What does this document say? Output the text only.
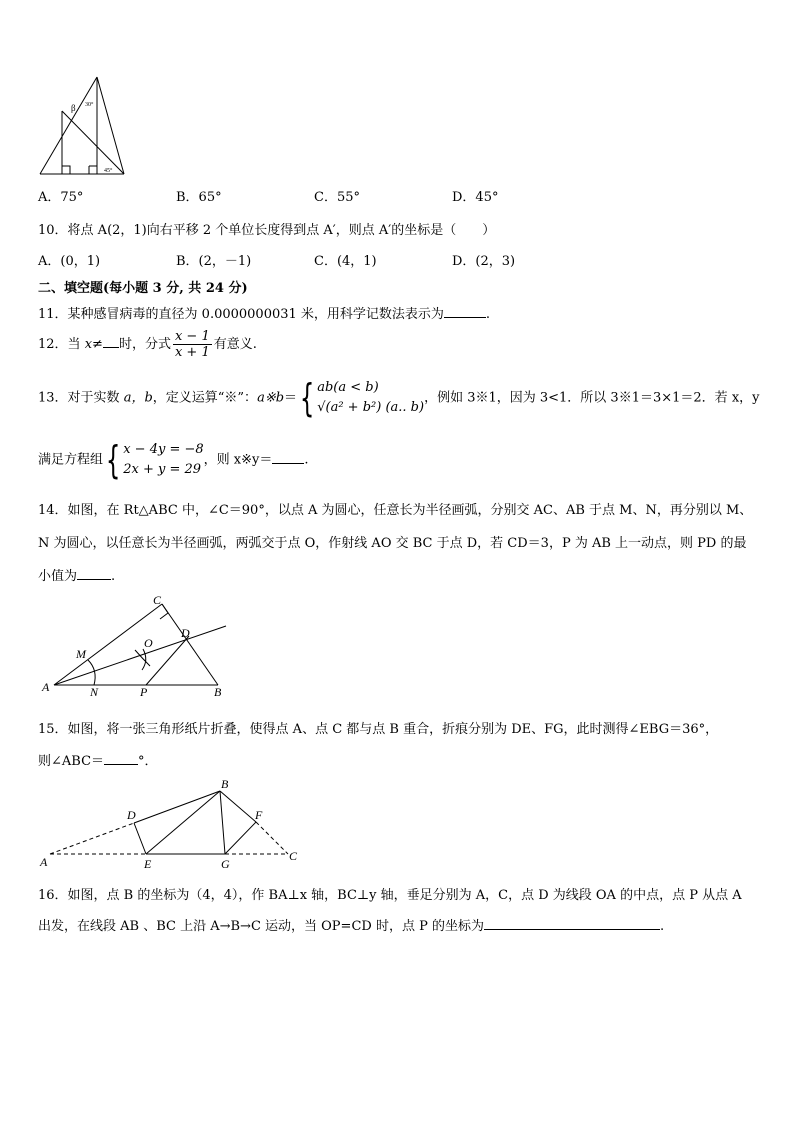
β 30°
45°
A．75°	B．65°	C．55°	D．45°
10．将点 A(2，1)向右平移 2 个单位长度得到点 A′，则点 A′的坐标是（　　）
A．(0，1)	B．(2，－1)	C．(4，1)	D．(2，3)
二、填空题(每小题 3 分, 共 24 分)
11．某种感冒病毒的直径为 0.0000000031 米，用科学记数法表示为	.
12．当 x≠ 时，分式 $\frac{x - 1}{x + 1}$ 有意义.
13．对于实数 a，b，定义运算“※”：a※b＝{ ab(a < b)
√(a² + b²) (a.. b)
，例如 3※1，因为 3<1．所以 3※1＝3×1＝2．若 x，y
满足方程组{ x − 4y = −8
2x + y = 29
，则 x※y＝ .
14．如图，在 Rt△ABC 中，∠C＝90°，以点 A 为圆心，任意长为半径画弧，分别交 AC、AB 于点 M、N，再分别以 M、
N 为圆心，以任意长为半径画弧，两弧交于点 O，作射线 AO 交 BC 于点 D，若 CD＝3，P 为 AB 上一动点，则 PD 的最
小值为	.
C
M
O
D
A	N	P	B
15．如图，将一张三角形纸片折叠，使得点 A、点 C 都与点 B 重合，折痕分别为 DE、FG，此时测得∠EBG＝36°，
则∠ABC＝	°．
B
D	F
A	E	G
C
16．如图，点 B 的坐标为（4，4），作 BA⊥x 轴，BC⊥y 轴，垂足分别为 A，C，点 D 为线段 OA 的中点，点 P 从点 A
出发，在线段 AB 、BC 上沿 A→B→C 运动，当 OP=CD 时，点 P 的坐标为	.
